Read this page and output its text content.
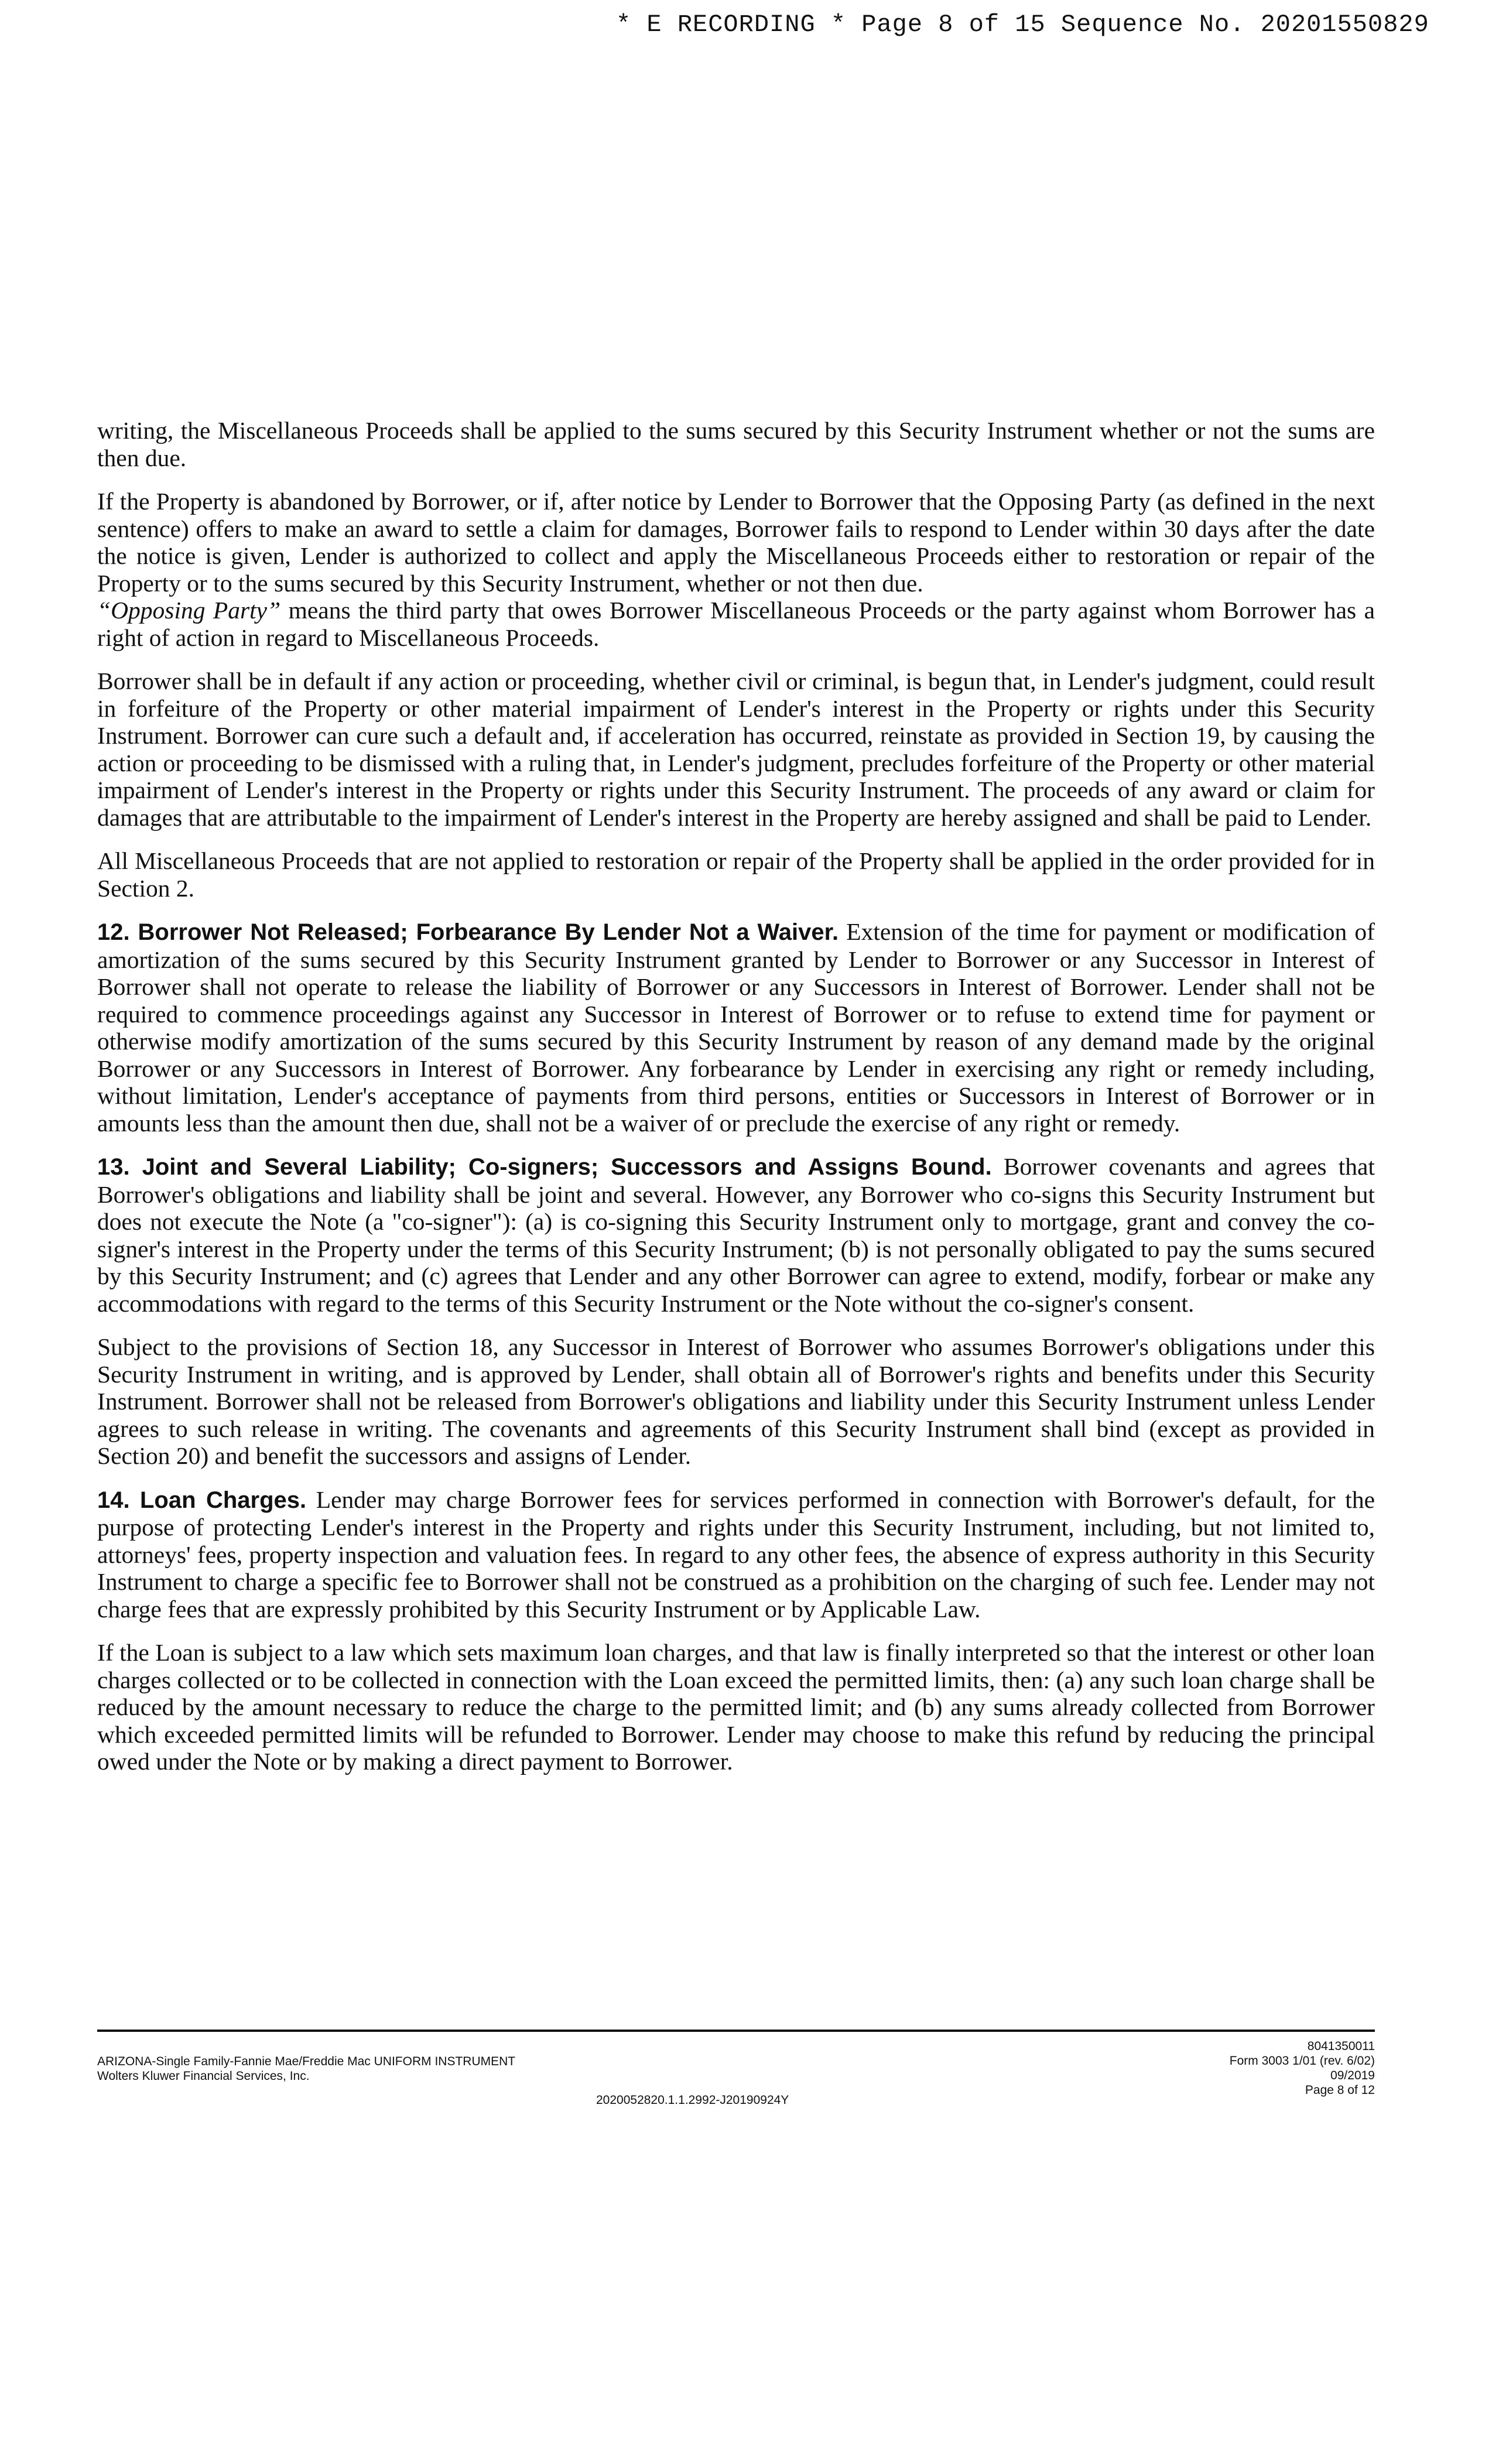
* E RECORDING * Page 8 of 15 Sequence No. 20201550829

writing, the Miscellaneous Proceeds shall be applied to the sums secured by this Security Instrument whether or not the sums are then due.

If the Property is abandoned by Borrower, or if, after notice by Lender to Borrower that the Opposing Party (as defined in the next sentence) offers to make an award to settle a claim for damages, Borrower fails to respond to Lender within 30 days after the date the notice is given, Lender is authorized to collect and apply the Miscellaneous Proceeds either to restoration or repair of the Property or to the sums secured by this Security Instrument, whether or not then due.
“Opposing Party” means the third party that owes Borrower Miscellaneous Proceeds or the party against whom Borrower has a right of action in regard to Miscellaneous Proceeds.

Borrower shall be in default if any action or proceeding, whether civil or criminal, is begun that, in Lender's judgment, could result in forfeiture of the Property or other material impairment of Lender's interest in the Property or rights under this Security Instrument. Borrower can cure such a default and, if acceleration has occurred, reinstate as provided in Section 19, by causing the action or proceeding to be dismissed with a ruling that, in Lender's judgment, precludes forfeiture of the Property or other material impairment of Lender's interest in the Property or rights under this Security Instrument. The proceeds of any award or claim for damages that are attributable to the impairment of Lender's interest in the Property are hereby assigned and shall be paid to Lender.

All Miscellaneous Proceeds that are not applied to restoration or repair of the Property shall be applied in the order provided for in Section 2.

12. Borrower Not Released; Forbearance By Lender Not a Waiver. Extension of the time for payment or modification of amortization of the sums secured by this Security Instrument granted by Lender to Borrower or any Successor in Interest of Borrower shall not operate to release the liability of Borrower or any Successors in Interest of Borrower. Lender shall not be required to commence proceedings against any Successor in Interest of Borrower or to refuse to extend time for payment or otherwise modify amortization of the sums secured by this Security Instrument by reason of any demand made by the original Borrower or any Successors in Interest of Borrower. Any forbearance by Lender in exercising any right or remedy including, without limitation, Lender's acceptance of payments from third persons, entities or Successors in Interest of Borrower or in amounts less than the amount then due, shall not be a waiver of or preclude the exercise of any right or remedy.

13. Joint and Several Liability; Co-signers; Successors and Assigns Bound. Borrower covenants and agrees that Borrower's obligations and liability shall be joint and several. However, any Borrower who co-signs this Security Instrument but does not execute the Note (a "co-signer"): (a) is co-signing this Security Instrument only to mortgage, grant and convey the co-signer's interest in the Property under the terms of this Security Instrument; (b) is not personally obligated to pay the sums secured by this Security Instrument; and (c) agrees that Lender and any other Borrower can agree to extend, modify, forbear or make any accommodations with regard to the terms of this Security Instrument or the Note without the co-signer's consent.

Subject to the provisions of Section 18, any Successor in Interest of Borrower who assumes Borrower's obligations under this Security Instrument in writing, and is approved by Lender, shall obtain all of Borrower's rights and benefits under this Security Instrument. Borrower shall not be released from Borrower's obligations and liability under this Security Instrument unless Lender agrees to such release in writing. The covenants and agreements of this Security Instrument shall bind (except as provided in Section 20) and benefit the successors and assigns of Lender.

14. Loan Charges. Lender may charge Borrower fees for services performed in connection with Borrower's default, for the purpose of protecting Lender's interest in the Property and rights under this Security Instrument, including, but not limited to, attorneys' fees, property inspection and valuation fees. In regard to any other fees, the absence of express authority in this Security Instrument to charge a specific fee to Borrower shall not be construed as a prohibition on the charging of such fee. Lender may not charge fees that are expressly prohibited by this Security Instrument or by Applicable Law.

If the Loan is subject to a law which sets maximum loan charges, and that law is finally interpreted so that the interest or other loan charges collected or to be collected in connection with the Loan exceed the permitted limits, then: (a) any such loan charge shall be reduced by the amount necessary to reduce the charge to the permitted limit; and (b) any sums already collected from Borrower which exceeded permitted limits will be refunded to Borrower. Lender may choose to make this refund by reducing the principal owed under the Note or by making a direct payment to Borrower.

ARIZONA-Single Family-Fannie Mae/Freddie Mac UNIFORM INSTRUMENT
Wolters Kluwer Financial Services, Inc.
2020052820.1.1.2992-J20190924Y
8041350011
Form 3003 1/01 (rev. 6/02)
09/2019
Page 8 of 12
